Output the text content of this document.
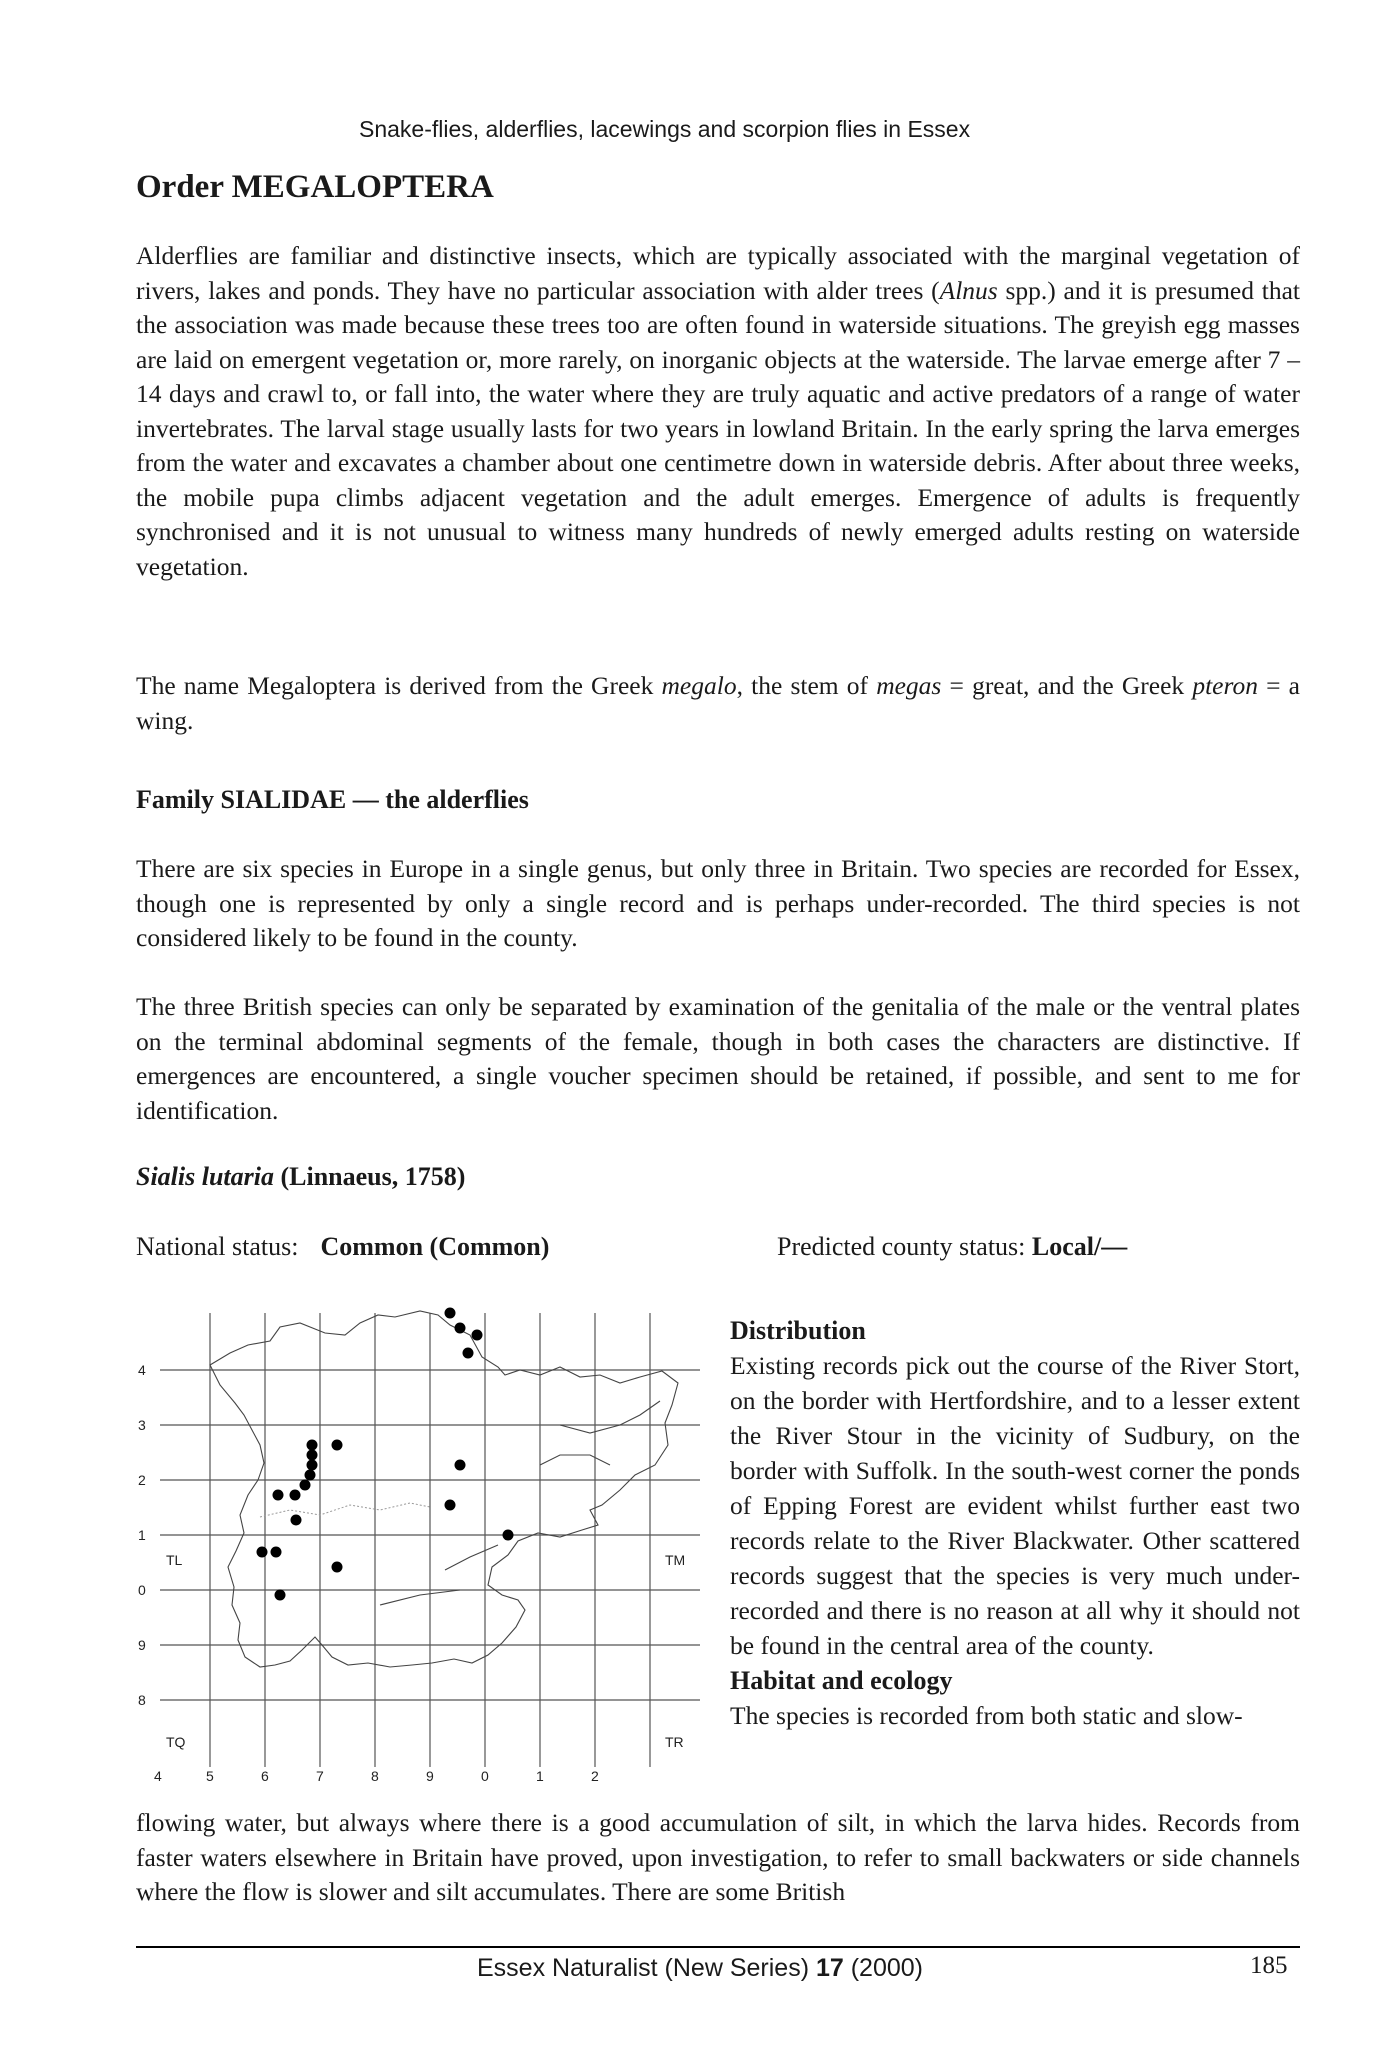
Snake-flies, alderflies, lacewings and scorpion flies in Essex
Order MEGALOPTERA
Alderflies are familiar and distinctive insects, which are typically associated with the marginal vegetation of rivers, lakes and ponds. They have no particular association with alder trees (Alnus spp.) and it is presumed that the association was made because these trees too are often found in waterside situations. The greyish egg masses are laid on emergent vegetation or, more rarely, on inorganic objects at the waterside. The larvae emerge after 7 – 14 days and crawl to, or fall into, the water where they are truly aquatic and active predators of a range of water invertebrates. The larval stage usually lasts for two years in lowland Britain. In the early spring the larva emerges from the water and excavates a chamber about one centimetre down in waterside debris. After about three weeks, the mobile pupa climbs adjacent vegetation and the adult emerges. Emergence of adults is frequently synchronised and it is not unusual to witness many hundreds of newly emerged adults resting on waterside vegetation.
The name Megaloptera is derived from the Greek megalo, the stem of megas = great, and the Greek pteron = a wing.
Family SIALIDAE — the alderflies
There are six species in Europe in a single genus, but only three in Britain. Two species are recorded for Essex, though one is represented by only a single record and is perhaps under-recorded. The third species is not considered likely to be found in the county.
The three British species can only be separated by examination of the genitalia of the male or the ventral plates on the terminal abdominal segments of the female, though in both cases the characters are distinctive. If emergences are encountered, a single voucher specimen should be retained, if possible, and sent to me for identification.
Sialis lutaria (Linnaeus, 1758)
National status: Common (Common)	Predicted county status: Local/—
4
3
2
1
0
9
8
4	5	6	7	8	9	0	1	2
TL	TM
TQ	TR
Distribution
Existing records pick out the course of the River Stort, on the border with Hertfordshire, and to a lesser extent the River Stour in the vicinity of Sudbury, on the border with Suffolk. In the south-west corner the ponds of Epping Forest are evident whilst further east two records relate to the River Blackwater. Other scattered records suggest that the species is very much under-recorded and there is no reason at all why it should not be found in the central area of the county.
Habitat and ecology
The species is recorded from both static and slow-
flowing water, but always where there is a good accumulation of silt, in which the larva hides. Records from faster waters elsewhere in Britain have proved, upon investigation, to refer to small backwaters or side channels where the flow is slower and silt accumulates. There are some British
Essex Naturalist (New Series) 17 (2000)	185
